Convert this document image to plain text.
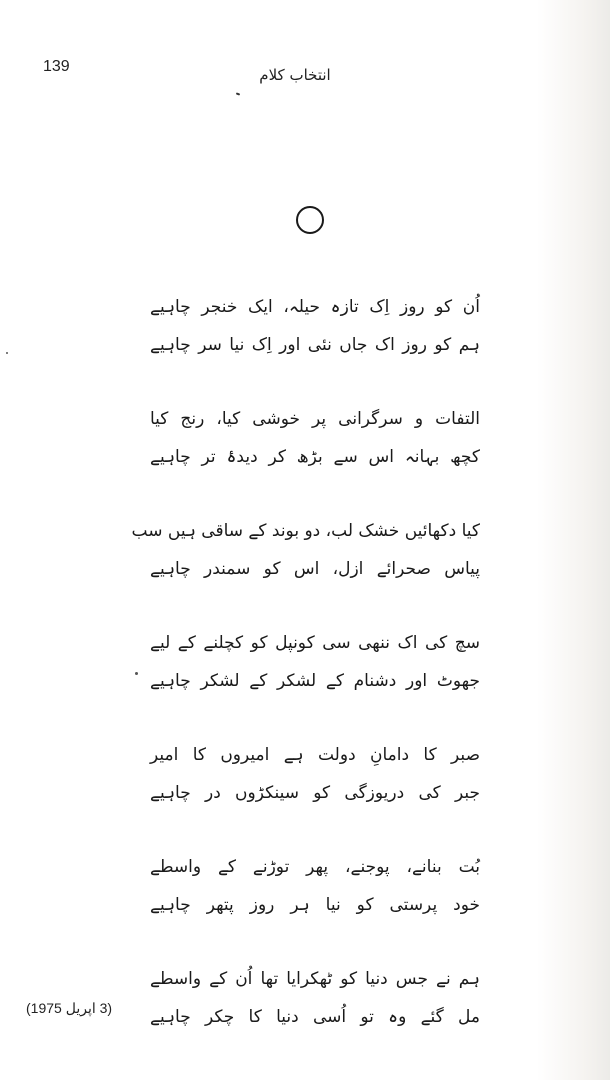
139	انتخاب کلام
اُن کو روز اِک تازہ حیلہ، ایک خنجر چاہیے
ہم کو روز اک جاں نئی اور اِک نیا سر چاہیے
التفات و سرگرانی پر خوشی کیا، رنج کیا
کچھ بہانہ اس سے بڑھ کر دیدۂ تر چاہیے
کیا دکھائیں خشک لب، دو بوند کے ساقی ہیں سب
پیاس صحرائے ازل، اس کو سمندر چاہیے
سچ کی اک ننھی سی کونپل کو کچلنے کے لیے
جھوٹ اور دشنام کے لشکر کے لشکر چاہیے
صبر کا دامانِ دولت ہے امیروں کا امیر
جبر کی دریوزگی کو سینکڑوں در چاہیے
بُت بنانے، پوجنے، پھر توڑنے کے واسطے
خود پرستی کو نیا ہر روز پتھر چاہیے
ہم نے جس دنیا کو ٹھکرایا تھا اُن کے واسطے
مل گئے وہ تو اُسی دنیا کا چکر چاہیے
(3 اپریل 1975)
